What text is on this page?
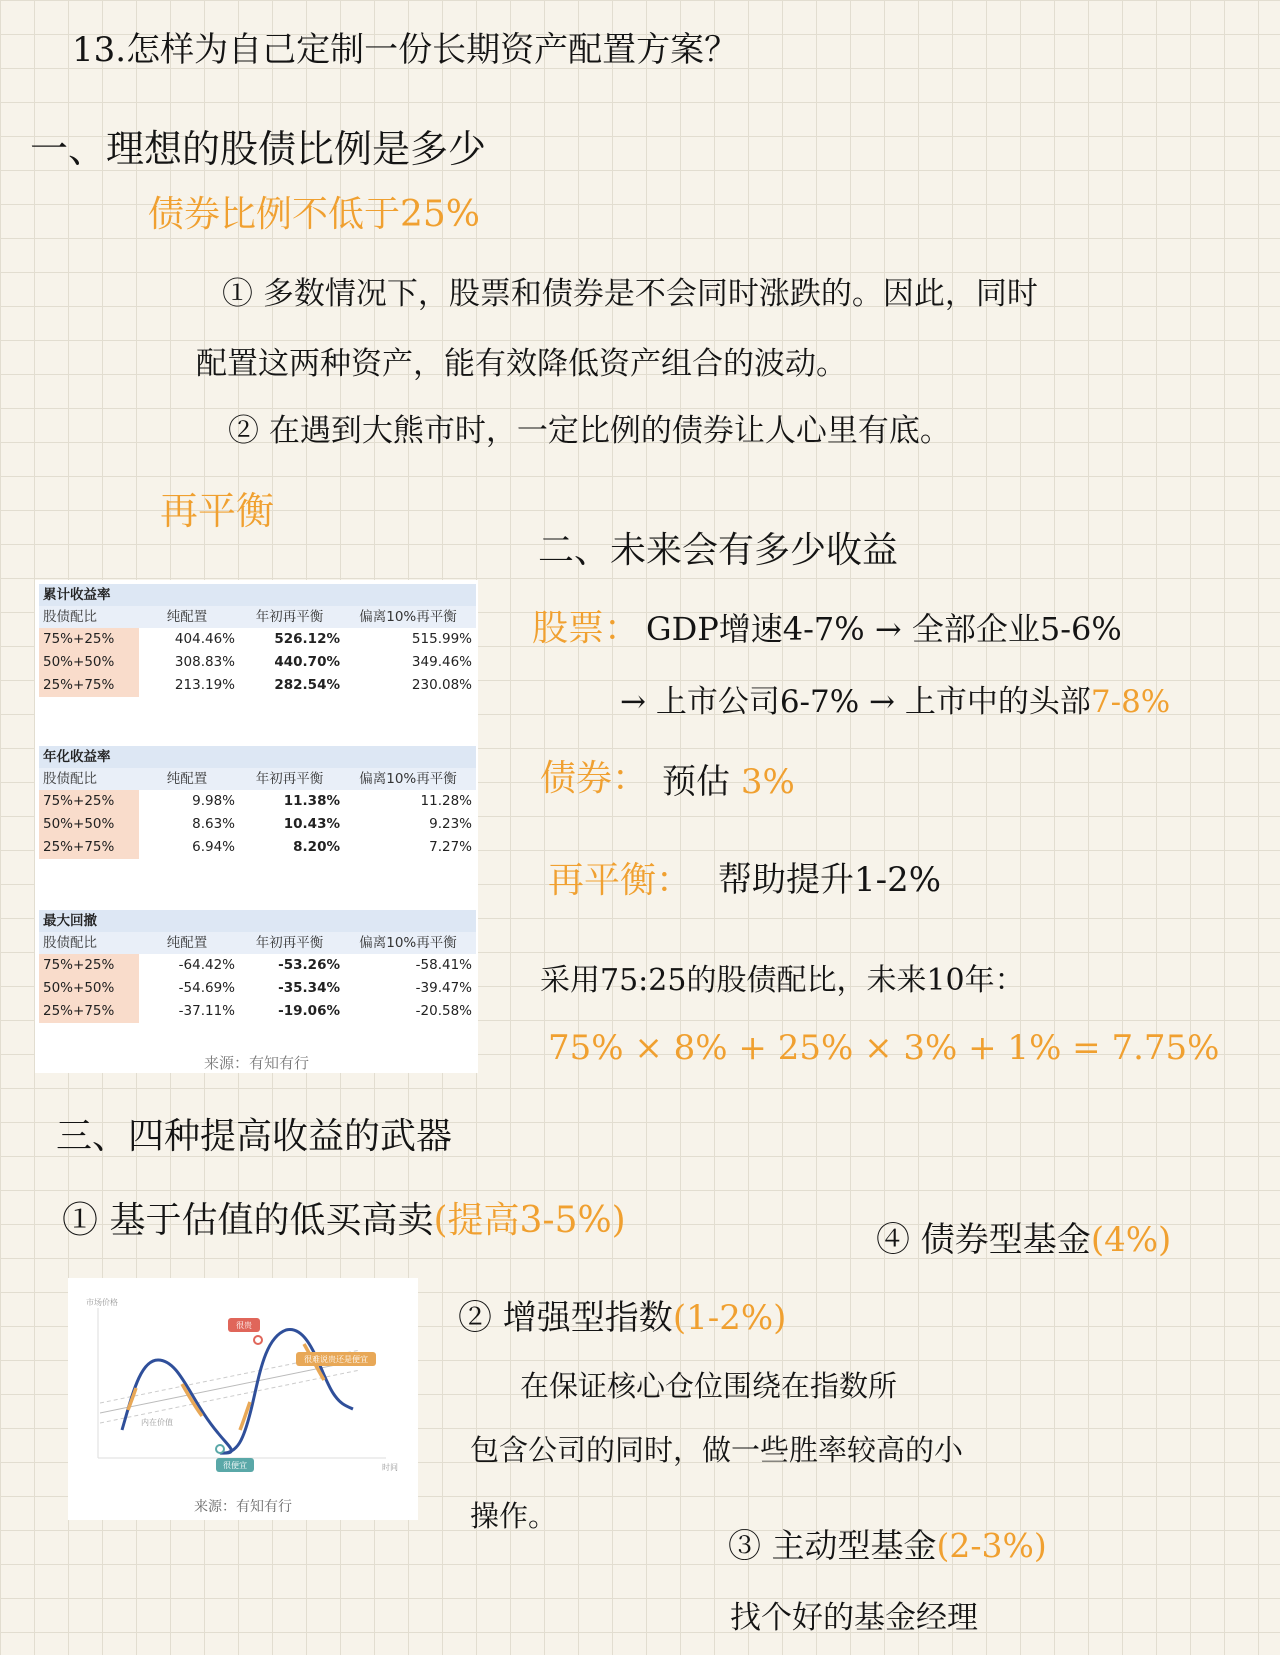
13.怎样为自己定制一份长期资产配置方案？
一、理想的股债比例是多少
债券比例不低于25%
① 多数情况下，股票和债券是不会同时涨跌的。因此，同时
配置这两种资产，能有效降低资产组合的波动。
② 在遇到大熊市时，一定比例的债券让人心里有底。
再平衡
累计收益率
股债配比	纯配置	年初再平衡	偏离10%再平衡
75%+25%	404.46%	526.12%	515.99%
50%+50%	308.83%	440.70%	349.46%
25%+75%	213.19%	282.54%	230.08%
年化收益率
股债配比	纯配置	年初再平衡	偏离10%再平衡
75%+25%	9.98%	11.38%	11.28%
50%+50%	8.63%	10.43%	9.23%
25%+75%	6.94%	8.20%	7.27%
最大回撤
股债配比	纯配置	年初再平衡	偏离10%再平衡
75%+25%	-64.42%	-53.26%	-58.41%
50%+50%	-54.69%	-35.34%	-39.47%
25%+75%	-37.11%	-19.06%	-20.58%
来源：有知有行
二、未来会有多少收益
股票： GDP增速4-7% → 全部企业5-6%
→ 上市公司6-7% → 上市中的头部7-8%
债券： 预估 3%
再平衡： 帮助提升1-2%
采用75:25的股债配比，未来10年：
75% × 8% + 25% × 3% + 1% = 7.75%
三、四种提高收益的武器
① 基于估值的低买高卖(提高3-5%)	④ 债券型基金(4%)
② 增强型指数(1-2%)
在保证核心仓位围绕在指数所
包含公司的同时，做一些胜率较高的小
操作。
③ 主动型基金(2-3%)
找个好的基金经理
市场价格
时间
很贵
很便宜
很难说贵还是便宜
内在价值
来源：有知有行
